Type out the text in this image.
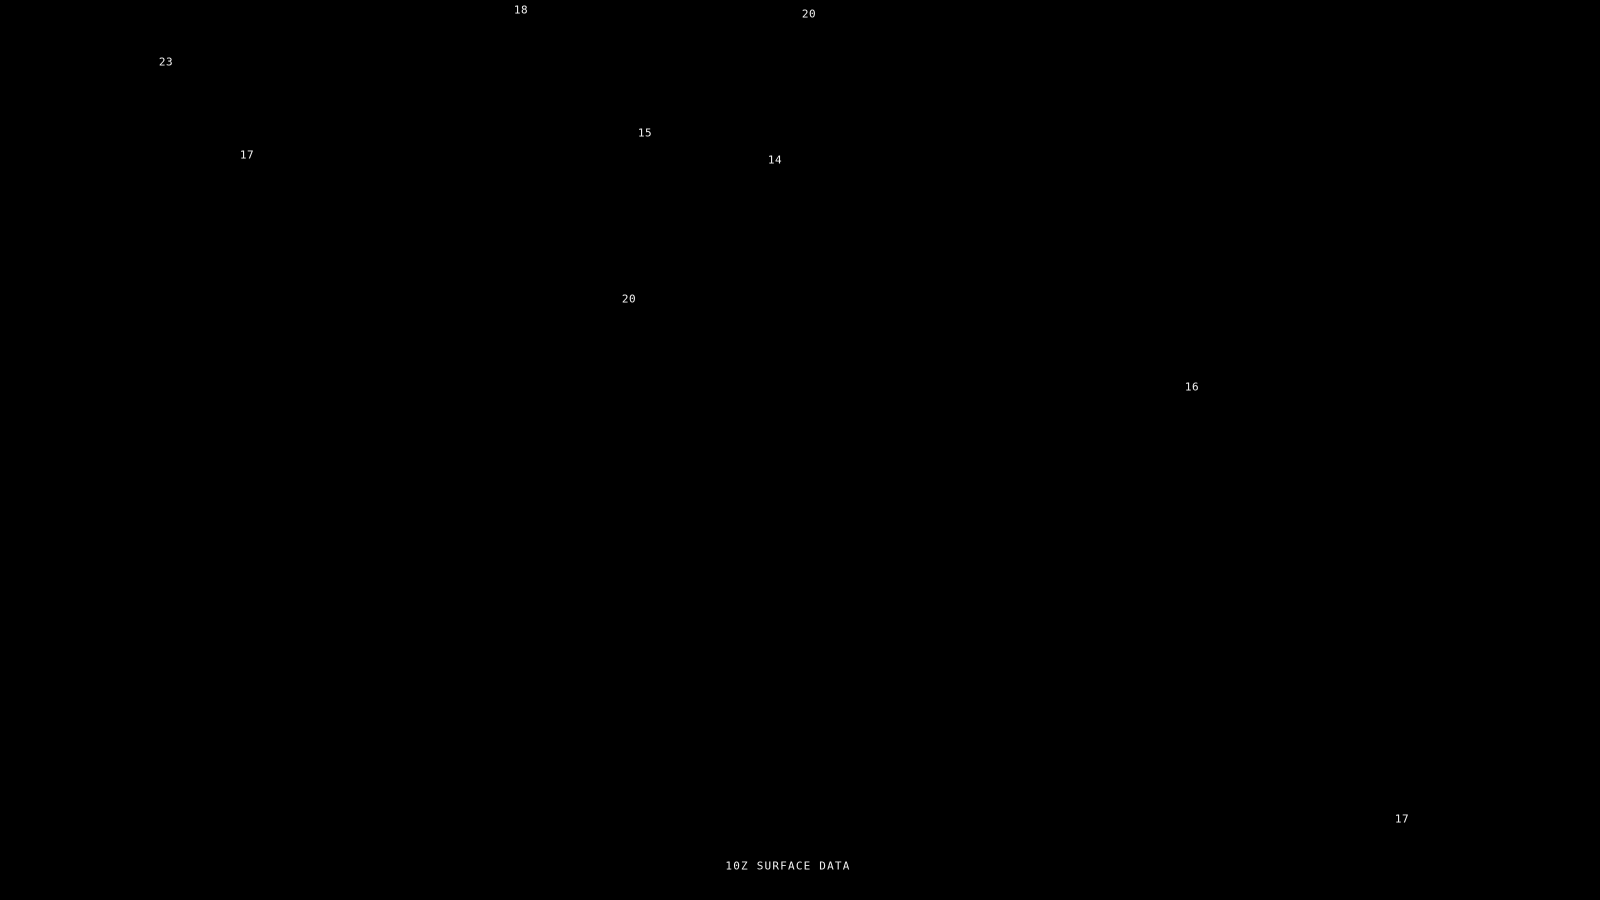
18	20
23
15
17	14
20
16
17
10Z SURFACE DATA
